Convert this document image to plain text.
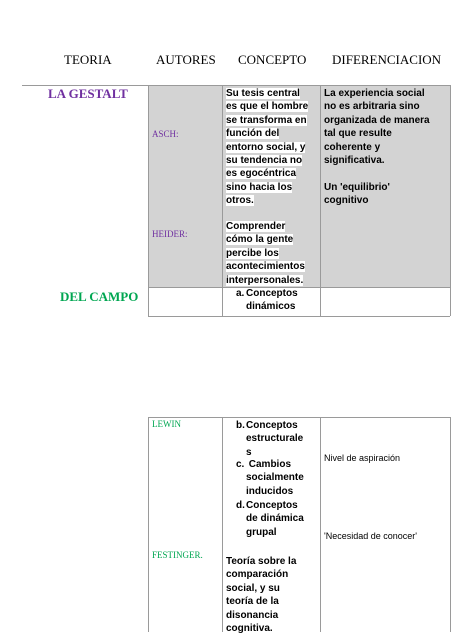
TEORIA	AUTORES CONCEPTO DIFERENCIACION
LA GESTALT
ASCH:
HEIDER:
Su tesis central
es que el hombre
se transforma en
función del
entorno social, y
su tendencia no
es egocéntrica
sino hacia los
otros.
Comprender
cómo la gente
percibe los
acontecimientos
interpersonales.
La experiencia social
no es arbitraria sino
organizada de manera
tal que resulte
coherente y
significativa.
Un 'equilibrio'
cognitivo
DEL CAMPO	a. Conceptos
dinámicos
LEWIN
FESTINGER.
b. Conceptos
estructurale
s
c. Cambios
socialmente
inducidos
d. Conceptos
de dinámica
grupal
Teoría sobre la
comparación
social, y su
teoría de la
disonancia
cognitiva.
Nivel de aspiración
'Necesidad de conocer'
